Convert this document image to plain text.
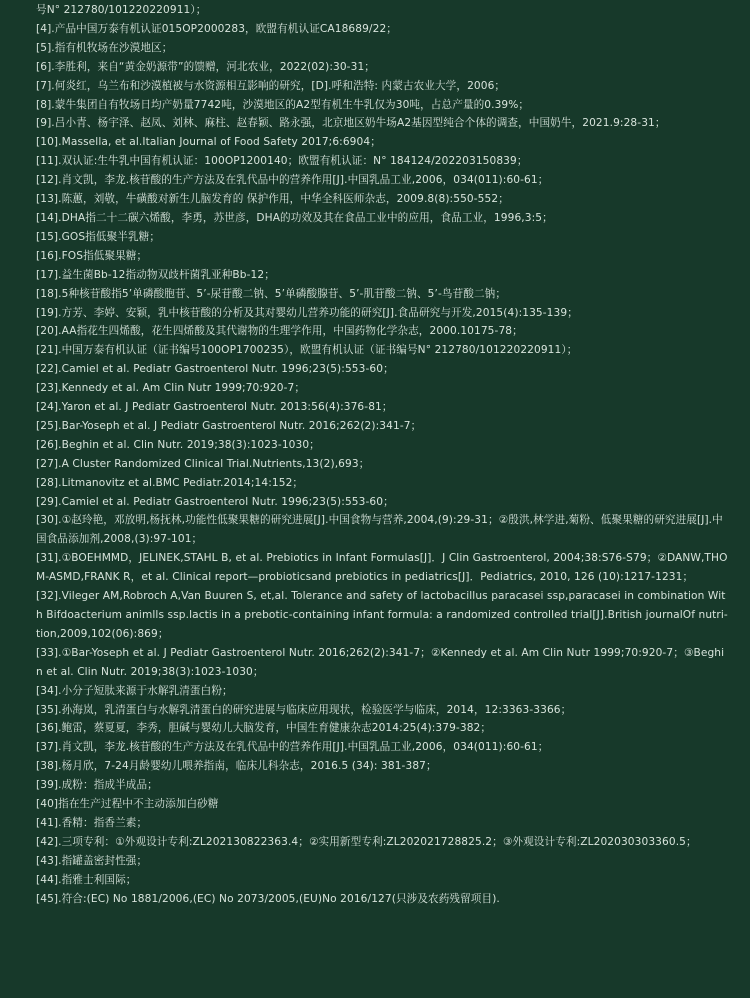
号N° 212780/101220220911）；
[4].产品中国万泰有机认证015OP2000283，欧盟有机认证CA18689/22；
[5].指有机牧场在沙漠地区；
[6].李胜利，来自“黄金奶源带”的馈赠，河北农业，2022(02):30-31；
[7].何炎红，乌兰布和沙漠植被与水资源相互影响的研究，[D].呼和浩特: 内蒙古农业大学，2006；
[8].蒙牛集团自有牧场日均产奶量7742吨，沙漠地区的A2型有机生牛乳仅为30吨，占总产量的0.39%；
[9].吕小青、杨宇泽、赵凤、刘林、麻柱、赵春颖、路永强，北京地区奶牛场A2基因型纯合个体的调查，中国奶牛，2021.9:28-31；
[10].Massella, et al.Italian Journal of Food Safety 2017;6:6904；
[11].双认证:生牛乳中国有机认证：100OP1200140；欧盟有机认证：N° 184124/202203150839；
[12].肖文凯，李龙.核苷酸的生产方法及在乳代品中的营养作用[J].中国乳品工业,2006，034(011):60-61；
[13].陈蕙，刘敬，牛磺酸对新生儿脑发育的 保护作用，中华全科医师杂志，2009.8(8):550-552；
[14].DHA指二十二碳六烯酸，李勇，苏世彦，DHA的功效及其在食品工业中的应用，食品工业，1996,3:5；
[15].GOS指低聚半乳糖；
[16].FOS指低聚果糖；
[17].益生菌Bb-12指动物双歧杆菌乳亚种Bb-12；
[18].5种核苷酸指5’单磷酸胞苷、5’-尿苷酸二钠、5’单磷酸腺苷、5’-肌苷酸二钠、5’-鸟苷酸二钠；
[19].方芳、李婷、安颖，乳中核苷酸的分析及其对婴幼儿营养功能的研究[J].食品研究与开发,2015(4):135-139；
[20].AA指花生四烯酸，花生四烯酸及其代谢物的生理学作用，中国药物化学杂志，2000.10175-78；
[21].中国万泰有机认证（证书编号100OP1700235），欧盟有机认证（证书编号N° 212780/101220220911）；
[22].Camiel et al. Pediatr Gastroenterol Nutr. 1996;23(5):553-60；
[23].Kennedy et al. Am Clin Nutr 1999;70:920-7；
[24].Yaron et al. J Pediatr Gastroenterol Nutr. 2013:56(4):376-81；
[25].Bar-Yoseph et al. J Pediatr Gastroenterol Nutr. 2016;262(2):341-7；
[26].Beghin et al. Clin Nutr. 2019;38(3):1023-1030；
[27].A Cluster Randomized Clinical Trial.Nutrients,13(2),693；
[28].Litmanovitz et al.BMC Pediatr.2014;14:152；
[29].Camiel et al. Pediatr Gastroenterol Nutr. 1996;23(5):553-60；
[30].①赵玲艳，邓放明,杨抚林,功能性低聚果糖的研究进展[J].中国食物与营养,2004,(9):29-31；②殷洪,林学进,菊粉、低聚果糖的研究进展[J].中国食品添加剂,2008,(3):97-101；
[31].①BOEHMMD，JELINEK,STAHL B, et al. Prebiotics in Infant Formulas[J]．J Clin Gastroenterol, 2004;38:S76-S79；②DANW,THOM-ASMD,FRANK R，et al. Clinical report—probioticsand prebiotics in pediatrics[J]．Pediatrics, 2010, 126 (10):1217-1231；
[32].Vileger AM,Robroch A,Van Buuren S, et,al. Tolerance and safety of lactobacillus paracasei ssp,paracasei in combination With Bifdoacterium animlls ssp.lactis in a prebotic-containing infant formula: a randomized controlled trial[J].British journalOf nutri-tion,2009,102(06):869；
[33].①Bar-Yoseph et al. J Pediatr Gastroenterol Nutr. 2016;262(2):341-7；②Kennedy et al. Am Clin Nutr 1999;70:920-7；③Beghin et al. Clin Nutr. 2019;38(3):1023-1030；
[34].小分子短肽来源于水解乳清蛋白粉；
[35].孙海岚，乳清蛋白与水解乳清蛋白的研究进展与临床应用现状，检验医学与临床，2014，12:3363-3366；
[36].鲍雷，蔡夏夏，李秀，胆碱与婴幼儿大脑发育，中国生育健康杂志2014:25(4):379-382；
[37].肖文凯，李龙.核苷酸的生产方法及在乳代品中的营养作用[J].中国乳品工业,2006，034(011):60-61；
[38].杨月欣，7-24月龄婴幼儿喂养指南，临床儿科杂志，2016.5 (34): 381-387；
[39].成粉：指成半成品；
[40]指在生产过程中不主动添加白砂糖
[41].香精：指香兰素；
[42].三项专利：①外观设计专利:ZL202130822363.4；②实用新型专利:ZL202021728825.2；③外观设计专利:ZL202030303360.5；
[43].指罐盖密封性强；
[44].指雅士利国际；
[45].符合:(EC) No 1881/2006,(EC) No 2073/2005,(EU)No 2016/127(只涉及农药残留项目).
